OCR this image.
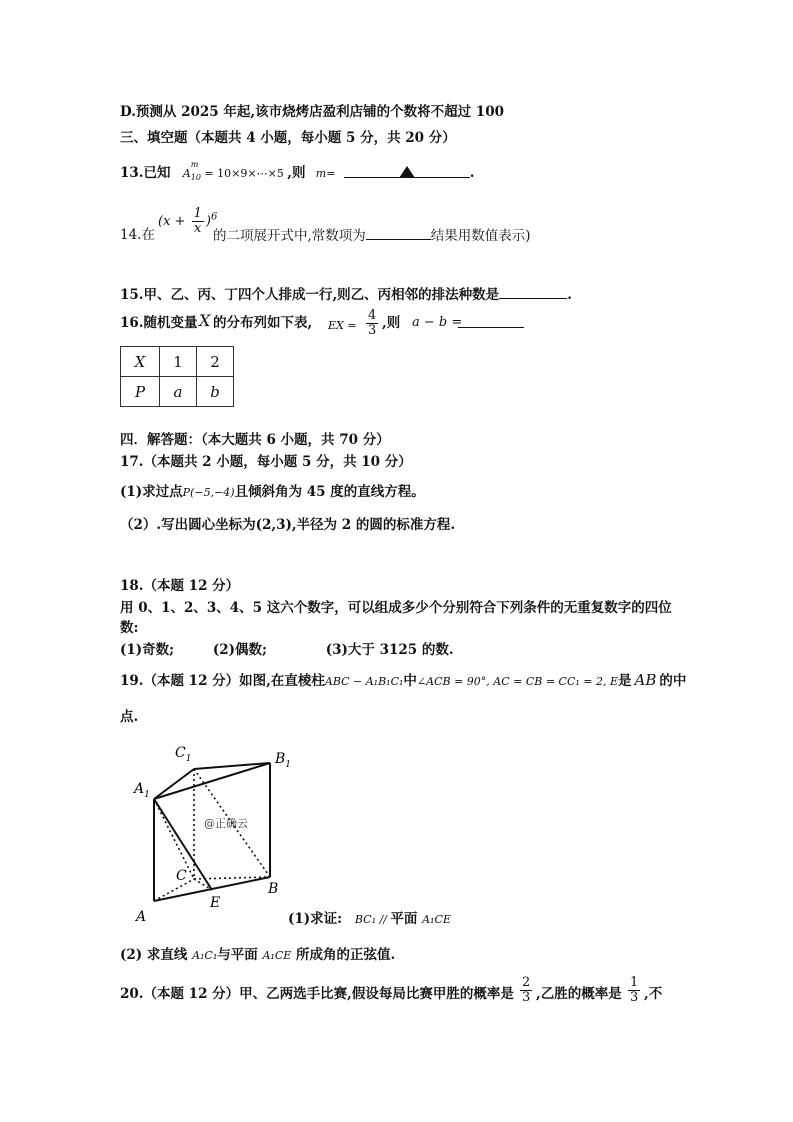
D.预测从 2025 年起,该市烧烤店盈利店铺的个数将不超过 100
三、填空题（本题共 4 小题，每小题 5 分，共 20 分）
13.已知 A
m
$_{10}$ = 10×9×⋯×5 ,则 m=	.
14.在
$(x + \frac{1}{x} )^6$
的二项展开式中,常数项为	结果用数值表示)
15.甲、乙、丙、丁四个人排成一行,则乙、丙相邻的排法种数是	.
16.随机变量 X 的分布列如下表, EX = $\frac{4}{3}$ ,则 a − b =
X	1	2
P	a	b
四．解答题：（本大题共 6 小题，共 70 分）
17.（本题共 2 小题，每小题 5 分，共 10 分）
(1)求过点P(−5,−4)且倾斜角为 45 度的直线方程。
（2）.写出圆心坐标为(2,3),半径为 2 的圆的标准方程.
18.（本题 12 分）
用 0、1、2、3、4、5 这六个数字，可以组成多少个分别符合下列条件的无重复数字的四位
数:
(1)奇数;	(2)偶数;	(3)大于 3125 的数.
19.（本题 12 分）如图,在直棱柱ABC − A₁B₁C₁中∠ACB = 90°, AC = CB = CC₁ = 2, E是 AB 的中
点.
$C_1$	$B_1$
$A_1$
C
B
E
A
@正确云
(1)求证: BC₁ // 平面 A₁CE
(2) 求直线 A₁C₁与平面 A₁CE 所成角的正弦值.
20.（本题 12 分）甲、乙两选手比赛,假设每局比赛甲胜的概率是 $\frac{2}{3}$ ,乙胜的概率是 $\frac{1}{3}$ ,不
